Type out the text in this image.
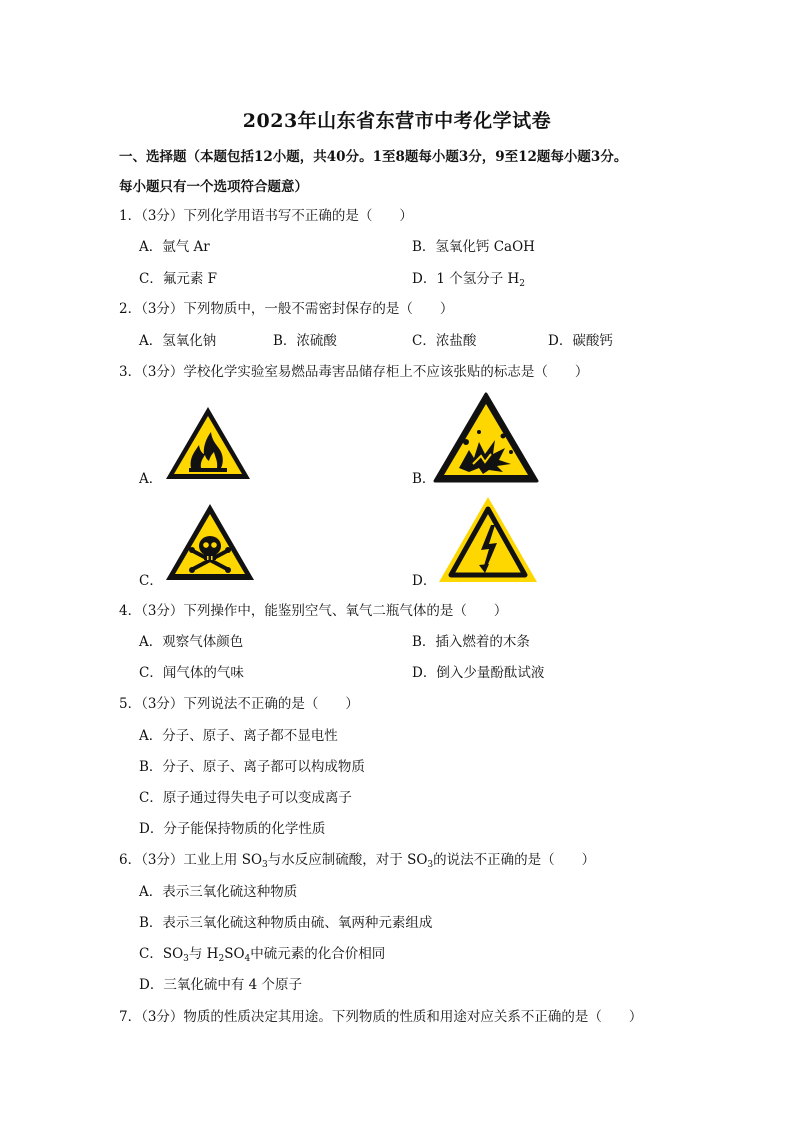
2023年山东省东营市中考化学试卷
一、选择题（本题包括12小题，共40分。1至8题每小题3分，9至12题每小题3分。
每小题只有一个选项符合题意）
1．（3分）下列化学用语书写不正确的是（　　）
A．氩气 Ar	B．氢氧化钙 CaOH
C．氟元素 F	D．1 个氢分子 $H_2$
2．（3分）下列物质中，一般不需密封保存的是（　　）
A．氢氧化钠	B．浓硫酸	C．浓盐酸	D．碳酸钙
3．（3分）学校化学实验室易燃品毒害品储存柜上不应该张贴的标志是（　　）
A．	B．
C．	D．
4．（3分）下列操作中，能鉴别空气、氧气二瓶气体的是（　　）
A．观察气体颜色	B．插入燃着的木条
C．闻气体的气味	D．倒入少量酚酞试液
5．（3分）下列说法不正确的是（　　）
A．分子、原子、离子都不显电性
B．分子、原子、离子都可以构成物质
C．原子通过得失电子可以变成离子
D．分子能保持物质的化学性质
6．（3分）工业上用 $SO_3$与水反应制硫酸，对于 $SO_3$的说法不正确的是（　　）
A．表示三氧化硫这种物质
B．表示三氧化硫这种物质由硫、氧两种元素组成
C．$SO_3$与 $H_2SO_4$中硫元素的化合价相同
D．三氧化硫中有 4 个原子
7．（3分）物质的性质决定其用途。下列物质的性质和用途对应关系不正确的是（　　）
